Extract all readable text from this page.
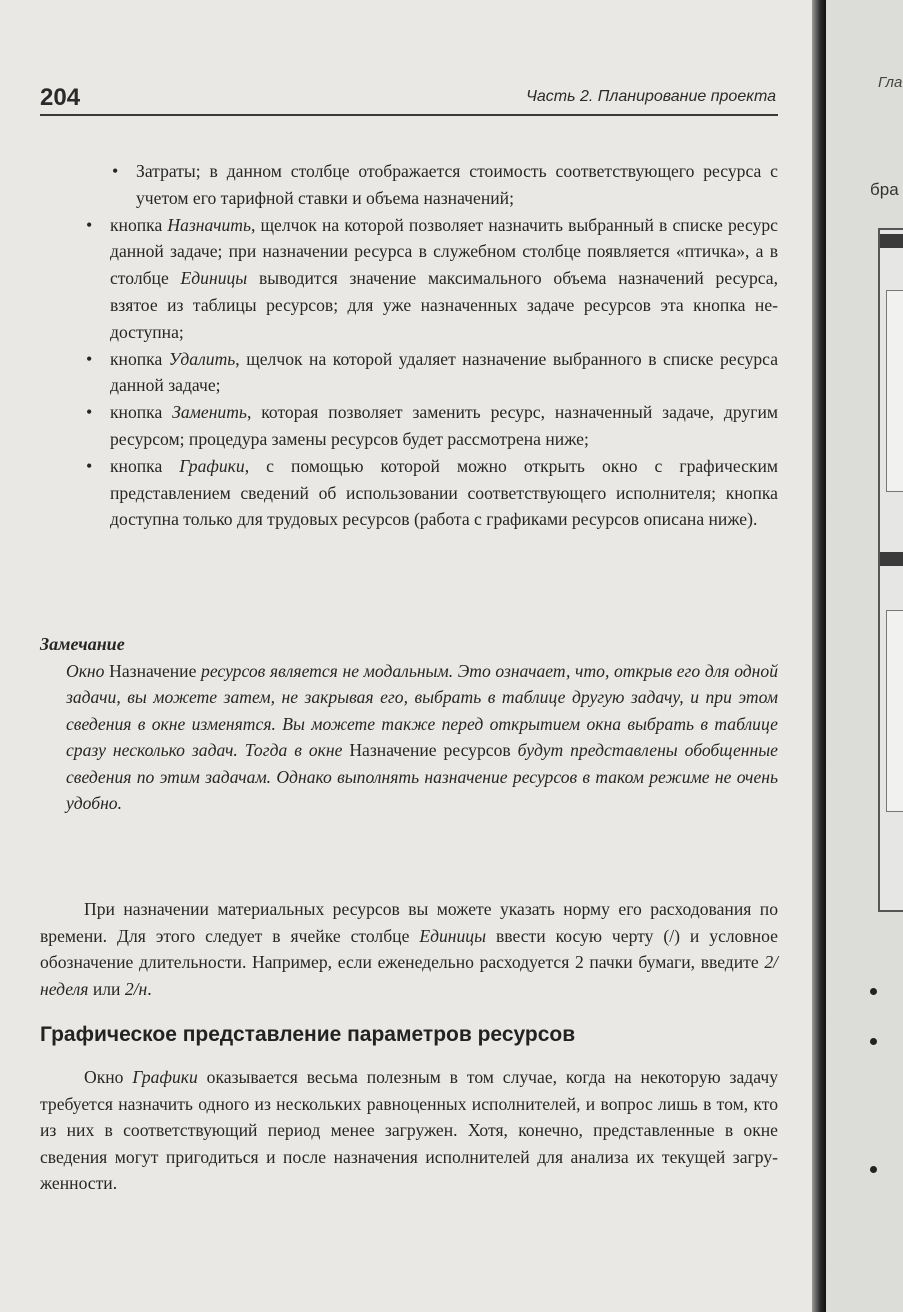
204	Часть 2. Планирование проекта
• Затраты; в данном столбце отображается стоимость соответствующего ресурса с учетом его тарифной ставки и объема назначений;
• кнопка Назначить, щелчок на которой позволяет назначить выбранный в списке ресурс данной задаче; при назначении ресурса в служебном столбце появляется «птичка», а в столбце Единицы выводится значение максимального объема назначений ресурса, взятое из таблицы ресурсов; для уже назначенных задаче ресурсов эта кнопка недоступна;
• кнопка Удалить, щелчок на которой удаляет назначение выбранного в списке ресурса данной задаче;
• кнопка Заменить, которая позволяет заменить ресурс, назначенный задаче, другим ресурсом; процедура замены ресурсов будет рассмотрена ниже;
• кнопка Графики, с помощью которой можно открыть окно с графическим представлением сведений об использовании соответствующего исполнителя; кнопка доступна только для трудовых ресурсов (работа с графиками ресурсов описана ниже).
Замечание

Окно Назначение ресурсов является не модальным. Это означает, что, открыв его для одной задачи, вы можете затем, не закрывая его, выбрать в таблице другую задачу, и при этом сведения в окне изменятся. Вы можете также перед открытием окна выбрать в таблице сразу несколько задач. Тогда в окне Назначение ресурсов будут представлены обобщенные сведения по этим задачам. Однако выполнять назначение ресурсов в таком режиме не очень удобно.

При назначении материальных ресурсов вы можете указать норму его расходования по времени. Для этого следует в ячейке столбце Единицы ввести косую черту (/) и условное обозначение длительности. Например, если еженедельно расходуется 2 пачки бумаги, введите 2/неделя или 2/н.

Графическое представление параметров ресурсов

Окно Графики оказывается весьма полезным в том случае, когда на некоторую задачу требуется назначить одного из нескольких равноценных исполнителей, и вопрос лишь в том, кто из них в соответствующий период менее загружен. Хотя, конечно, представленные в окне сведения могут пригодиться и после назначения исполнителей для анализа их текущей загруженности.

Гла
бра
